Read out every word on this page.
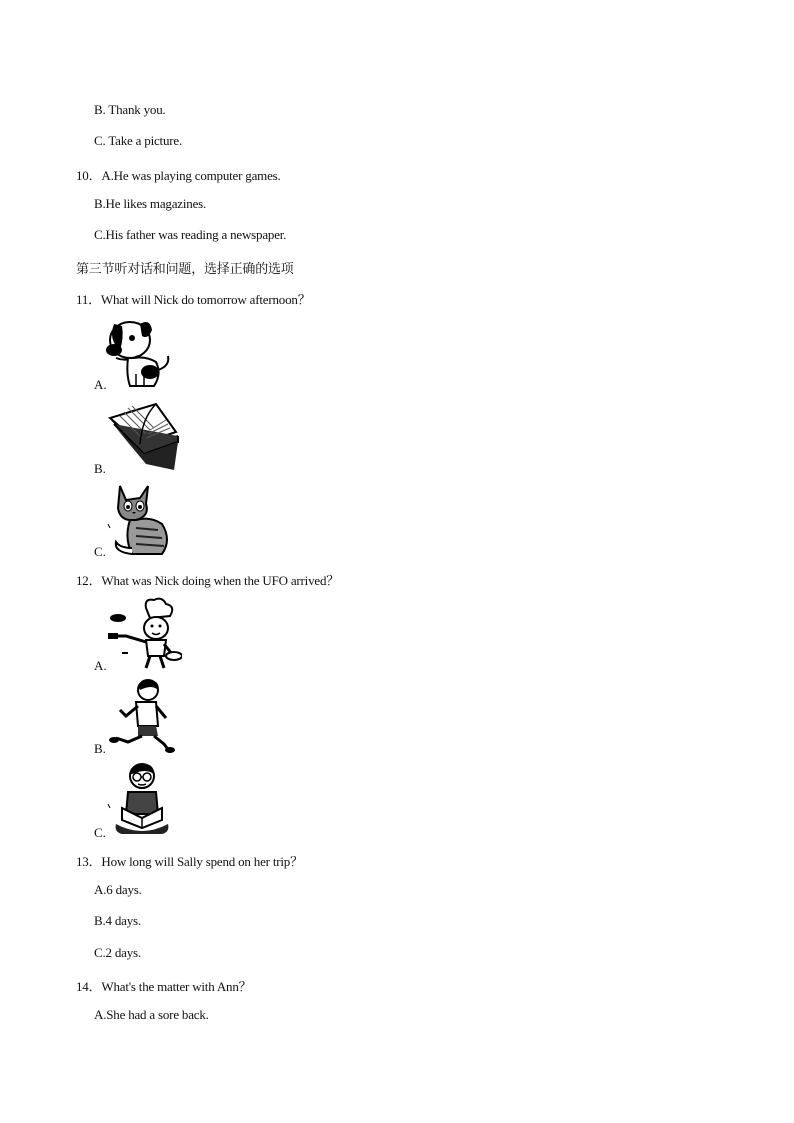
B. Thank you.
C. Take a picture.
10．A.He was playing computer games.
B.He likes magazines.
C.His father was reading a newspaper.
第三节听对话和问题，选择正确的选项
11．What will Nick do tomorrow afternoon？
A.
B.
C.
12．What was Nick doing when the UFO arrived？
A.
B.
C.
13．How long will Sally spend on her trip？
A.6 days.
B.4 days.
C.2 days.
14．What's the matter with Ann？
A.She had a sore back.
